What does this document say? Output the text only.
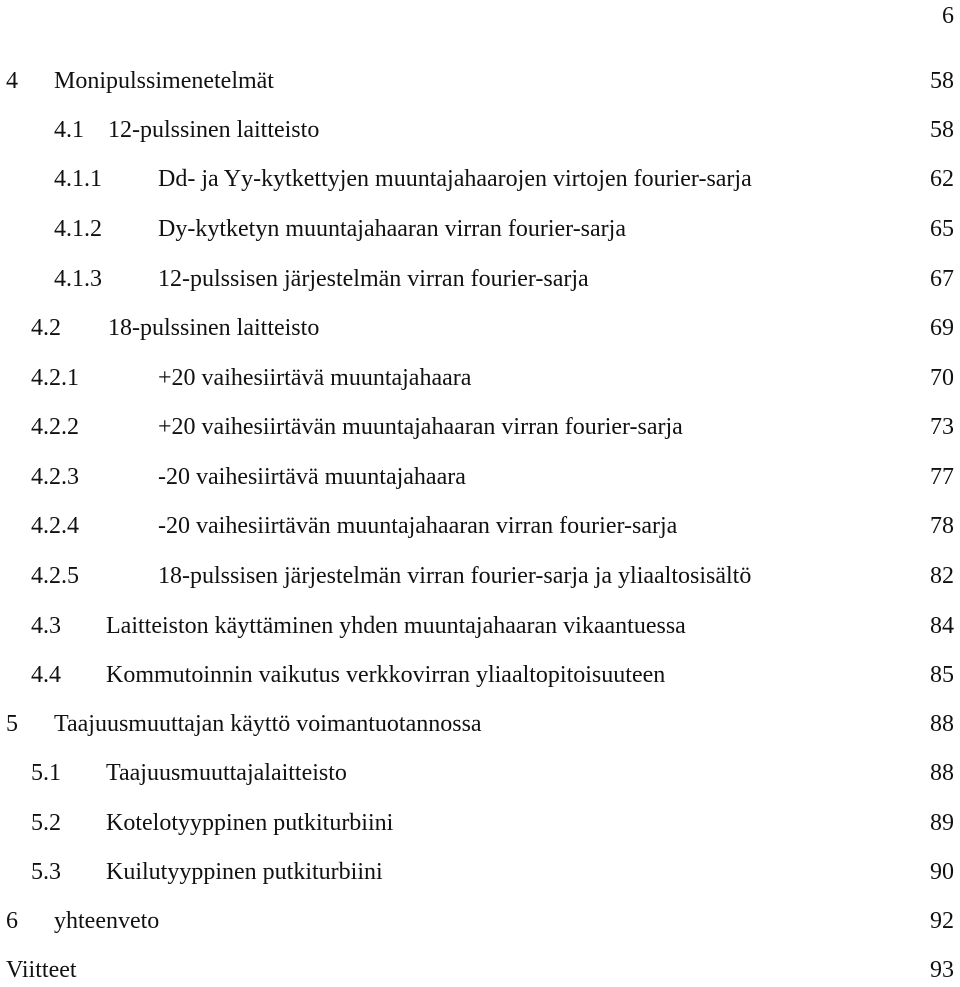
6
4 Monipulssimenetelmät	58
4.1 12-pulssinen laitteisto	58
4.1.1 Dd- ja Yy-kytkettyjen muuntajahaarojen virtojen fourier-sarja	62
4.1.2 Dy-kytketyn muuntajahaaran virran fourier-sarja	65
4.1.3 12-pulssisen järjestelmän virran fourier-sarja	67
4.2 18-pulssinen laitteisto	69
4.2.1	+20 vaihesiirtävä muuntajahaara	70
4.2.2	+20 vaihesiirtävän muuntajahaaran virran fourier-sarja	73
4.2.3	-20 vaihesiirtävä muuntajahaara	77
4.2.4	-20 vaihesiirtävän muuntajahaaran virran fourier-sarja	78
4.2.5	18-pulssisen järjestelmän virran fourier-sarja ja yliaaltosisältö	82
4.3 Laitteiston käyttäminen yhden muuntajahaaran vikaantuessa	84
4.4 Kommutoinnin vaikutus verkkovirran yliaaltopitoisuuteen	85
5 Taajuusmuuttajan käyttö voimantuotannossa	88
5.1 Taajuusmuuttajalaitteisto	88
5.2 Kotelotyyppinen putkiturbiini	89
5.3 Kuilutyyppinen putkiturbiini	90
6 yhteenveto	92
Viitteet	93
